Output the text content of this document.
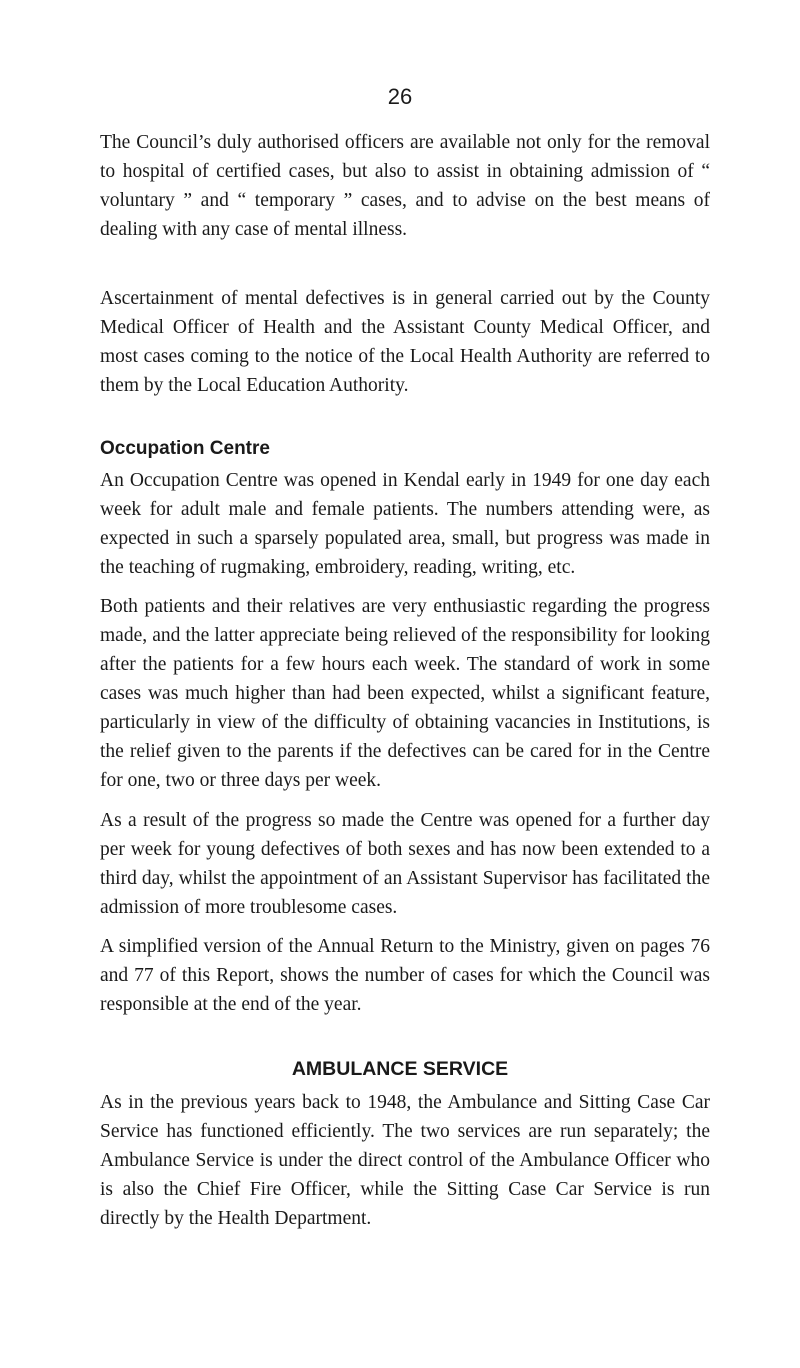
26

The Council’s duly authorised officers are available not only for the removal to hospital of certified cases, but also to assist in obtaining admission of “ voluntary ” and “ temporary ” cases, and to advise on the best means of dealing with any case of mental illness.

Ascertainment of mental defectives is in general carried out by the County Medical Officer of Health and the Assistant County Medical Officer, and most cases coming to the notice of the Local Health Authority are referred to them by the Local Education Authority.

Occupation Centre

An Occupation Centre was opened in Kendal early in 1949 for one day each week for adult male and female patients. The numbers attending were, as expected in such a sparsely populated area, small, but progress was made in the teaching of rugmaking, embroidery, reading, writing, etc.

Both patients and their relatives are very enthusiastic regarding the progress made, and the latter appreciate being relieved of the responsibility for looking after the patients for a few hours each week. The standard of work in some cases was much higher than had been expected, whilst a significant feature, particularly in view of the difficulty of obtaining vacancies in Institutions, is the relief given to the parents if the defectives can be cared for in the Centre for one, two or three days per week.

As a result of the progress so made the Centre was opened for a further day per week for young defectives of both sexes and has now been extended to a third day, whilst the appointment of an Assistant Supervisor has facilitated the admission of more troublesome cases.

A simplified version of the Annual Return to the Ministry, given on pages 76 and 77 of this Report, shows the number of cases for which the Council was responsible at the end of the year.

AMBULANCE SERVICE

As in the previous years back to 1948, the Ambulance and Sitting Case Car Service has functioned efficiently. The two services are run separately; the Ambulance Service is under the direct control of the Ambulance Officer who is also the Chief Fire Officer, while the Sitting Case Car Service is run directly by the Health Department.
